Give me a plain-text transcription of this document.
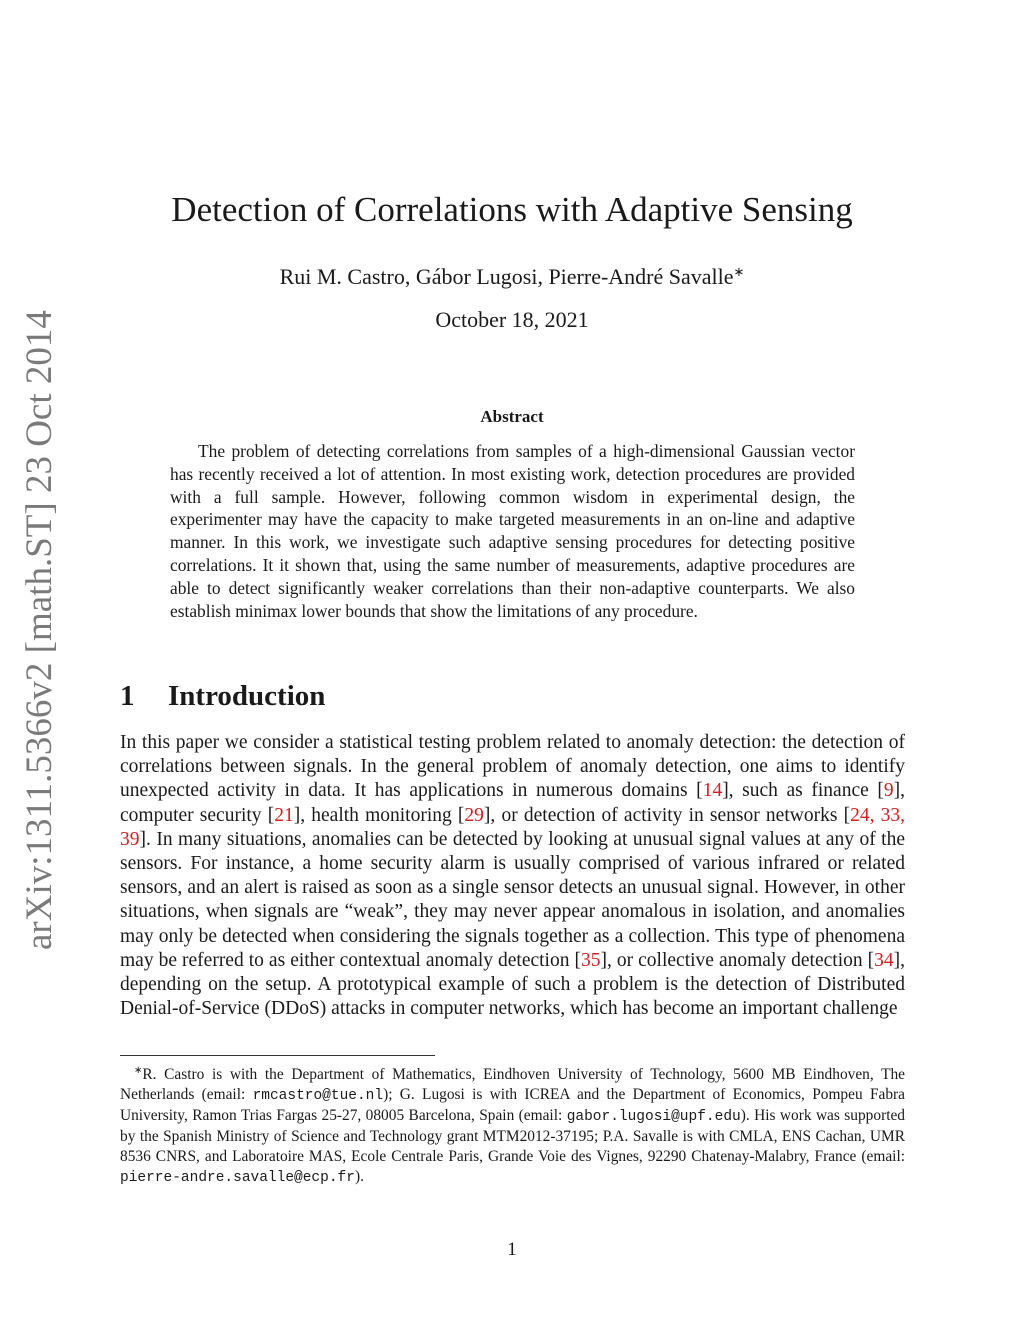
arXiv:1311.5366v2 [math.ST] 23 Oct 2014
Detection of Correlations with Adaptive Sensing
Rui M. Castro, Gábor Lugosi, Pierre-André Savalle∗
October 18, 2021
Abstract
The problem of detecting correlations from samples of a high-dimensional Gaussian vector has recently received a lot of attention. In most existing work, detection procedures are provided with a full sample. However, following common wisdom in experimental design, the experimenter may have the capacity to make targeted measurements in an on-line and adaptive manner. In this work, we investigate such adaptive sensing procedures for detecting positive correlations. It it shown that, using the same number of measurements, adaptive procedures are able to detect significantly weaker correlations than their non-adaptive counterparts. We also establish minimax lower bounds that show the limitations of any procedure.
1 Introduction
In this paper we consider a statistical testing problem related to anomaly detection: the detection of correlations between signals. In the general problem of anomaly detection, one aims to identify unexpected activity in data. It has applications in numerous domains [14], such as finance [9], computer security [21], health monitoring [29], or detection of activity in sensor networks [24, 33, 39]. In many situations, anomalies can be detected by looking at unusual signal values at any of the sensors. For instance, a home security alarm is usually comprised of various infrared or related sensors, and an alert is raised as soon as a single sensor detects an unusual signal. However, in other situations, when signals are “weak”, they may never appear anomalous in isolation, and anomalies may only be detected when considering the signals together as a collection. This type of phenomena may be referred to as either contextual anomaly detection [35], or collective anomaly detection [34], depending on the setup. A prototypical example of such a problem is the detection of Distributed Denial-of-Service (DDoS) attacks in computer networks, which has become an important challenge
∗R. Castro is with the Department of Mathematics, Eindhoven University of Technology, 5600 MB Eindhoven, The Netherlands (email: rmcastro@tue.nl); G. Lugosi is with ICREA and the Department of Economics, Pompeu Fabra University, Ramon Trias Fargas 25-27, 08005 Barcelona, Spain (email: gabor.lugosi@upf.edu). His work was supported by the Spanish Ministry of Science and Technology grant MTM2012-37195; P.A. Savalle is with CMLA, ENS Cachan, UMR 8536 CNRS, and Laboratoire MAS, Ecole Centrale Paris, Grande Voie des Vignes, 92290 Chatenay-Malabry, France (email: pierre-andre.savalle@ecp.fr).
1
